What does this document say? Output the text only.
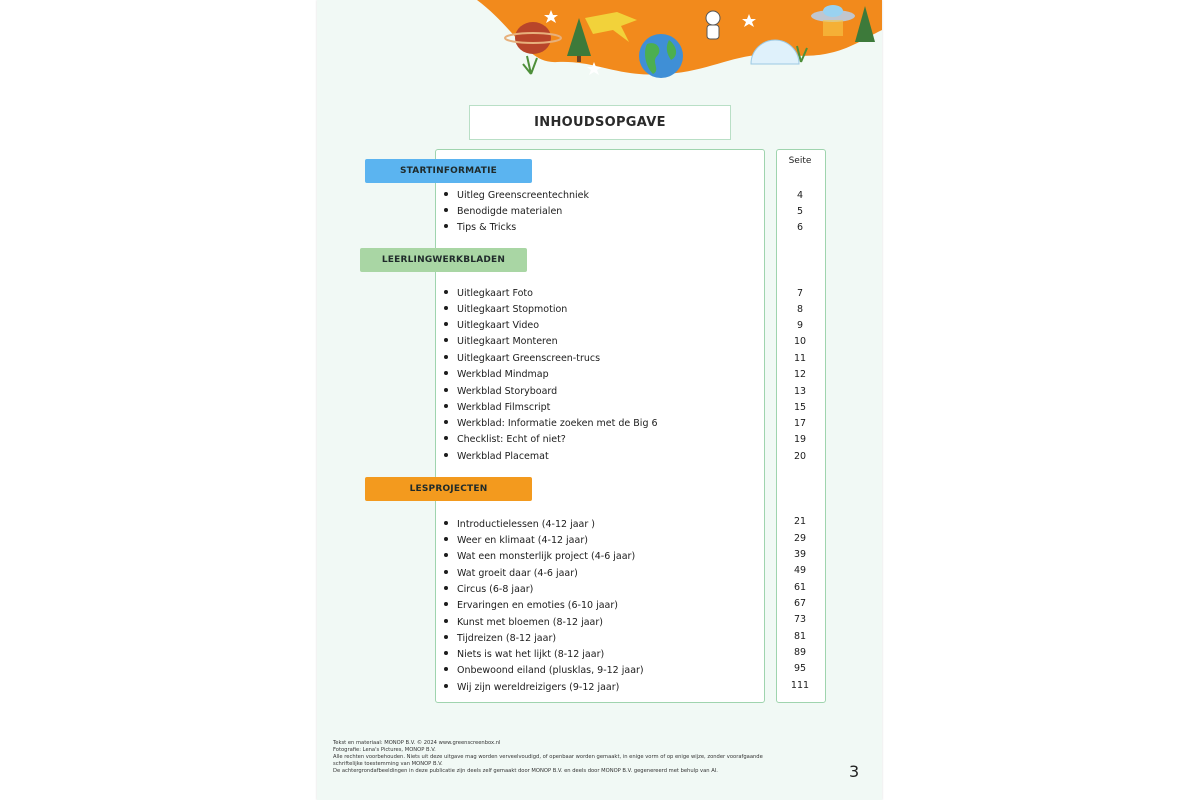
INHOUDSOPGAVE
Seite
STARTINFORMATIE
LEERLINGWERKBLADEN
LESPROJECTEN
Uitleg Greenscreentechniek	4
Benodigde materialen	5
Tips & Tricks	6
Uitlegkaart Foto	7
Uitlegkaart Stopmotion	8
Uitlegkaart Video	9
Uitlegkaart Monteren	10
Uitlegkaart Greenscreen-trucs	11
Werkblad Mindmap	12
Werkblad Storyboard	13
Werkblad Filmscript	15
Werkblad: Informatie zoeken met de Big 6	17
Checklist: Echt of niet?	19
Werkblad Placemat	20
Introductielessen (4-12 jaar )	21
Weer en klimaat (4-12 jaar)	29
Wat een monsterlijk project (4-6 jaar)	39
Wat groeit daar (4-6 jaar)	49
Circus (6-8 jaar)	61
Ervaringen en emoties (6-10 jaar)	67
Kunst met bloemen (8-12 jaar)	73
Tijdreizen (8-12 jaar)	81
Niets is wat het lijkt (8-12 jaar)	89
Onbewoond eiland (plusklas, 9-12 jaar)	95
Wij zijn wereldreizigers (9-12 jaar)	111
Tekst en materiaal: MONOP B.V. © 2024 www.greenscreenbox.nl
Fotografie: Lena's Pictures, MONOP B.V.
Alle rechten voorbehouden. Niets uit deze uitgave mag worden verveelvoudigd, of openbaar worden gemaakt, in enige vorm of op enige wijze, zonder voorafgaande
schriftelijke toestemming van MONOP B.V.
De achtergrondafbeeldingen in deze publicatie zijn deels zelf gemaakt door MONOP B.V. en deels door MONOP B.V. gegenereerd met behulp van AI.	3
